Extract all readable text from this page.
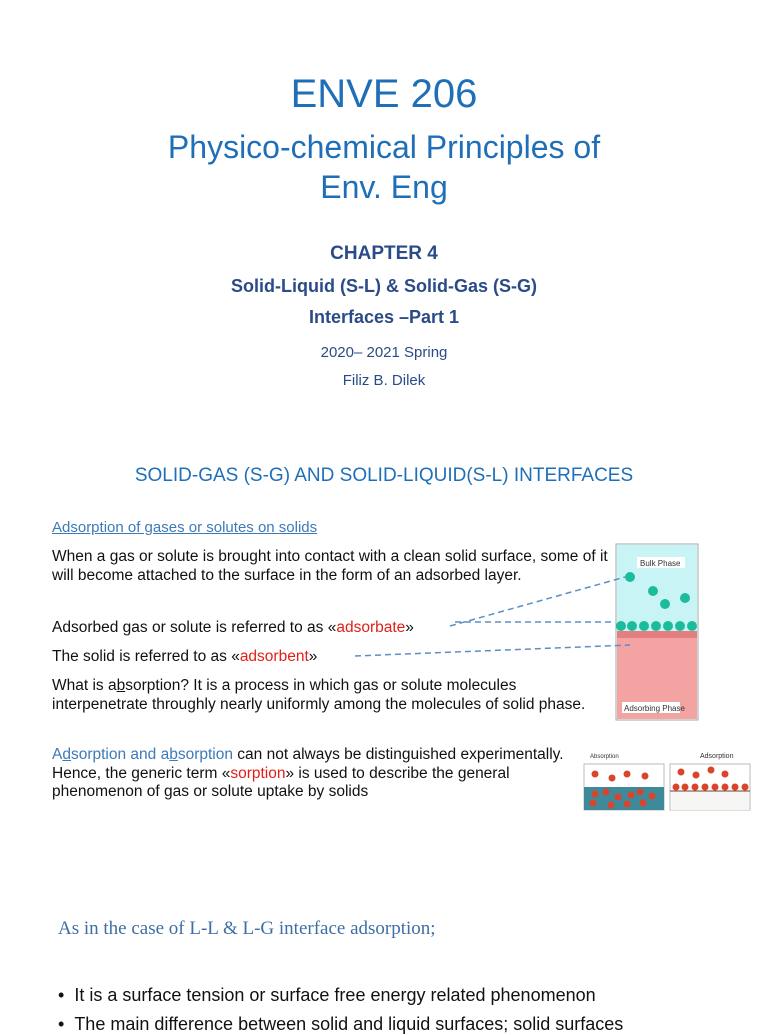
ENVE 206
Physico-chemical Principles of
Env. Eng
CHAPTER 4
Solid-Liquid (S-L) & Solid-Gas (S-G)
Interfaces –Part 1
2020– 2021 Spring
Filiz B. Dilek
SOLID-GAS (S-G) AND SOLID-LIQUID(S-L) INTERFACES
Adsorption of gases or solutes on solids
When a gas or solute is brought into contact with a clean solid surface, some of it will become attached to the surface in the form of an adsorbed layer.
Adsorbed gas or solute is referred to as «adsorbate»
The solid is referred to as «adsorbent»
What is absorption? It is a process in which gas or solute molecules interpenetrate throughly nearly uniformly among the molecules of solid phase.
Adsorption and absorption can not always be distinguished experimentally. Hence, the generic term «sorption» is used to describe the general phenomenon of gas or solute uptake by solids
Bulk Phase
Adsorbing Phase
Absorption	Adsorption
As in the case of L-L & L-G interface adsorption;
•  It is a surface tension or surface free energy related phenomenon
•  The main difference between solid and liquid surfaces; solid surfaces
